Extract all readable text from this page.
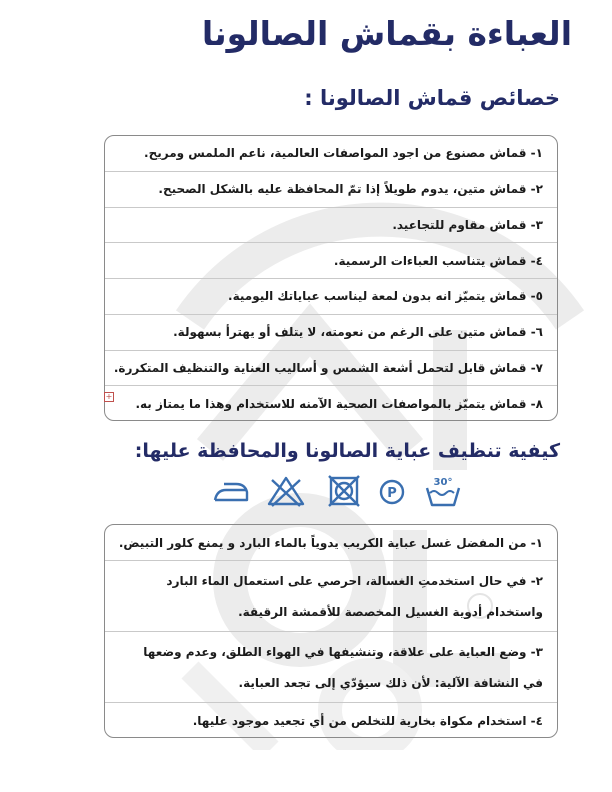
العباءة بقماش الصالونا
خصائص قماش الصالونا :
١- قماش مصنوع من اجود المواصفات العالمية، ناعم الملمس ومريح.
٢- قماش متين، يدوم طويلاً إذا تمّ المحافظة عليه بالشكل الصحيح.
٣- قماش مقاوم للتجاعيد.
٤- قماش يتناسب العباءات الرسمية.
٥- قماش يتميّز انه بدون لمعة ليناسب عباياتك اليومية.
٦- قماش متين على الرغم من نعومته، لا يتلف أو يهترأ بسهولة.
٧- قماش قابل لتحمل أشعة الشمس و أساليب العناية والتنظيف المتكررة.
٨- قماش يتميّز بالمواصفات الصحية الآمنه للاستخدام وهذا ما يمتاز به.
+
كيفية تنظيف عباية الصالونا والمحافظة عليها:
P
30°
١- من المفضل غسل عباية الكريب يدوياً بالماء البارد و يمنع كلور التبيض.
٢- في حال استخدمتِ الغسالة، احرصي على استعمال الماء البارد
واستخدام أدوية الغسيل المخصصة للأقمشة الرقيقة.
٣- وضع العباية على علاقة، وتنشيفها في الهواء الطلق، وعدم وضعها
في النشافة الآلية: لأن ذلك سيؤدّي إلى تجعد العباية.
٤- استخدام مكواة بخارية للتخلص من أي تجعيد موجود عليها.
